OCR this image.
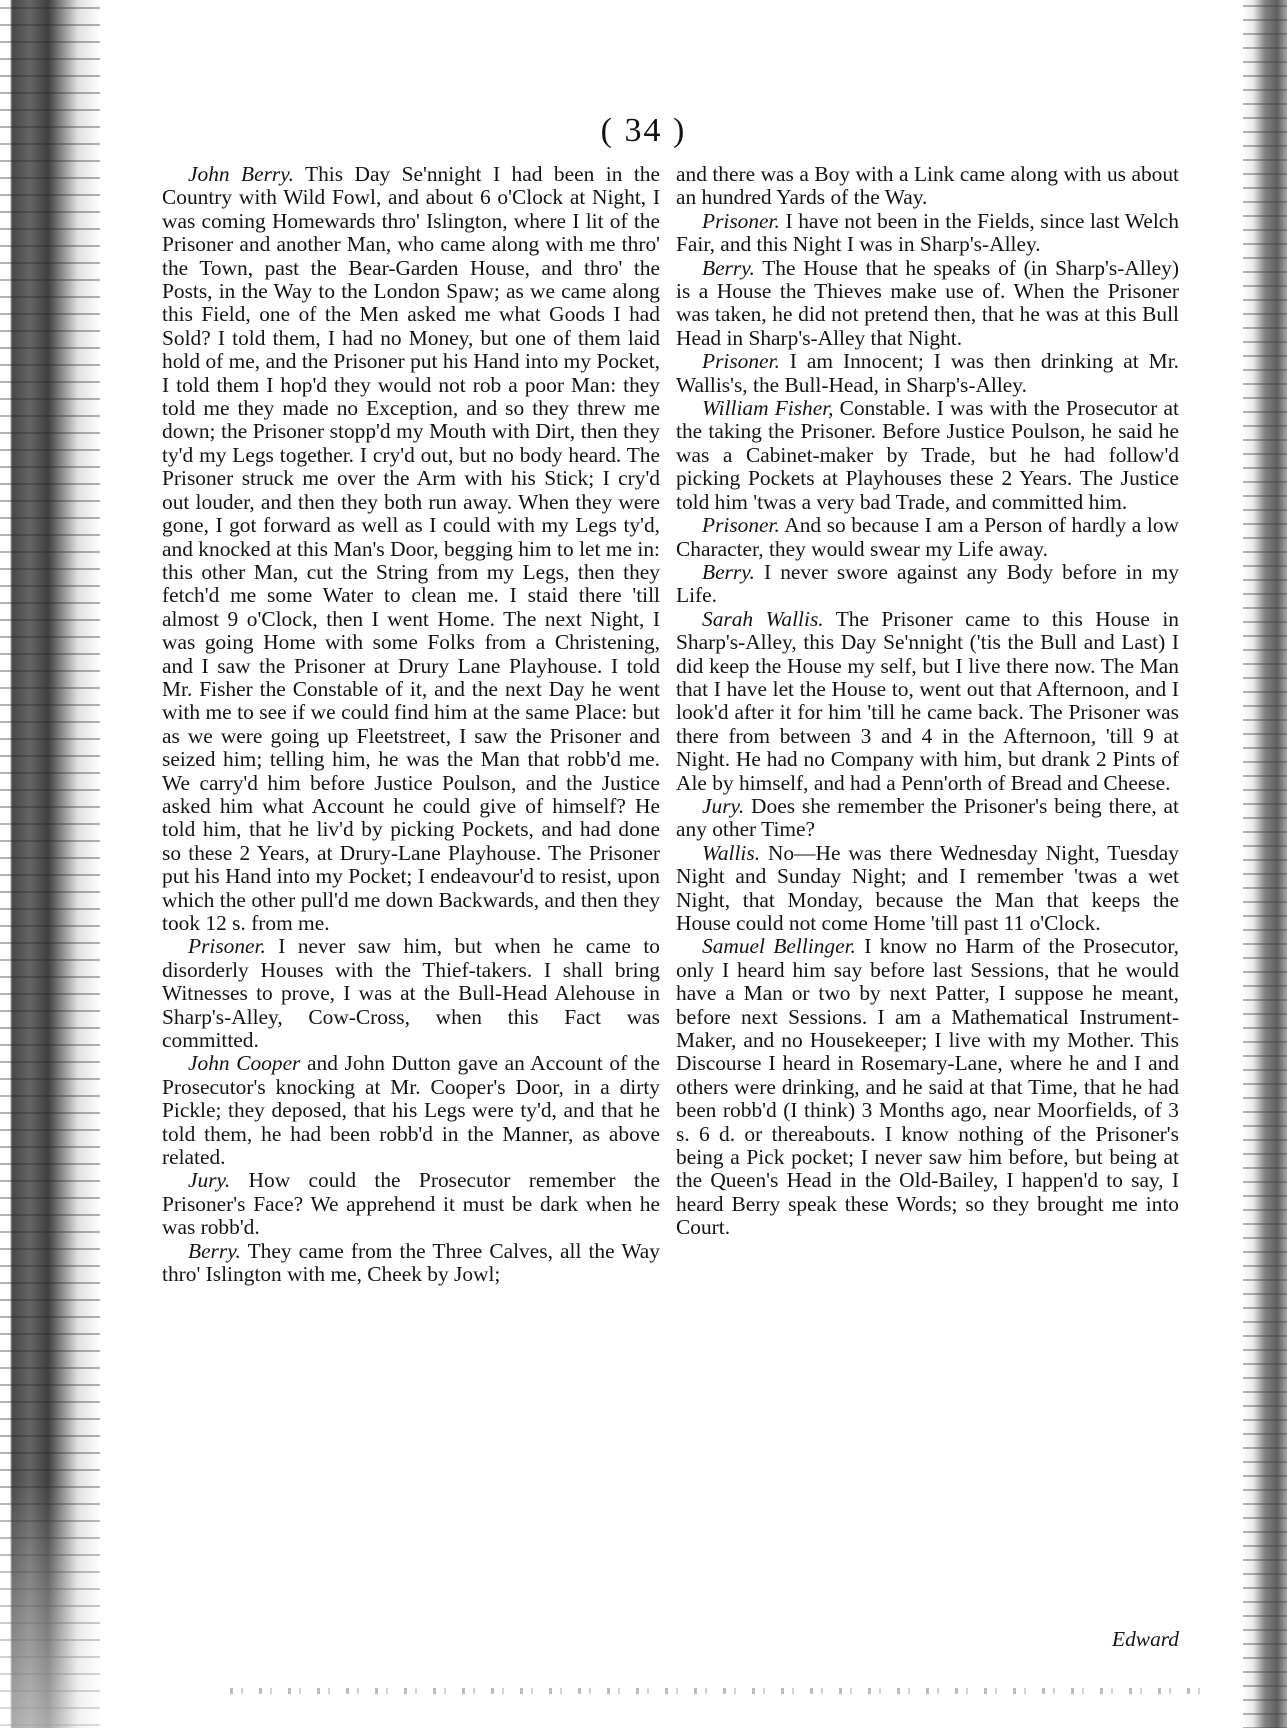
( 34 )

John Berry. This Day Se'nnight I had been in the Country with Wild Fowl, and about 6 o'Clock at Night, I was coming Homewards thro' Islington, where I lit of the Prisoner and another Man, who came along with me thro' the Town, past the Bear-Garden House, and thro' the Posts, in the Way to the London Spaw; as we came along this Field, one of the Men asked me what Goods I had Sold? I told them, I had no Money, but one of them laid hold of me, and the Prisoner put his Hand into my Pocket, I told them I hop'd they would not rob a poor Man: they told me they made no Exception, and so they threw me down; the Prisoner stopp'd my Mouth with Dirt, then they ty'd my Legs together. I cry'd out, but no body heard. The Prisoner struck me over the Arm with his Stick; I cry'd out louder, and then they both run away. When they were gone, I got forward as well as I could with my Legs ty'd, and knocked at this Man's Door, begging him to let me in: this other Man, cut the String from my Legs, then they fetch'd me some Water to clean me. I staid there 'till almost 9 o'Clock, then I went Home. The next Night, I was going Home with some Folks from a Christening, and I saw the Prisoner at Drury Lane Playhouse. I told Mr. Fisher the Constable of it, and the next Day he went with me to see if we could find him at the same Place: but as we were going up Fleetstreet, I saw the Prisoner and seized him; telling him, he was the Man that robb'd me. We carry'd him before Justice Poulson, and the Justice asked him what Account he could give of himself? He told him, that he liv'd by picking Pockets, and had done so these 2 Years, at Drury-Lane Playhouse. The Prisoner put his Hand into my Pocket; I endeavour'd to resist, upon which the other pull'd me down Backwards, and then they took 12 s. from me.

Prisoner. I never saw him, but when he came to disorderly Houses with the Thief-takers. I shall bring Witnesses to prove, I was at the Bull-Head Alehouse in Sharp's-Alley, Cow-Cross, when this Fact was committed.

John Cooper and John Dutton gave an Account of the Prosecutor's knocking at Mr. Cooper's Door, in a dirty Pickle; they deposed, that his Legs were ty'd, and that he told them, he had been robb'd in the Manner, as above related.

Jury. How could the Prosecutor remember the Prisoner's Face? We apprehend it must be dark when he was robb'd.

Berry. They came from the Three Calves, all the Way thro' Islington with me, Cheek by Jowl;

and there was a Boy with a Link came along with us about an hundred Yards of the Way.

Prisoner. I have not been in the Fields, since last Welch Fair, and this Night I was in Sharp's-Alley.

Berry. The House that he speaks of (in Sharp's-Alley) is a House the Thieves make use of. When the Prisoner was taken, he did not pretend then, that he was at this Bull Head in Sharp's-Alley that Night.

Prisoner. I am Innocent; I was then drinking at Mr. Wallis's, the Bull-Head, in Sharp's-Alley.

William Fisher, Constable. I was with the Prosecutor at the taking the Prisoner. Before Justice Poulson, he said he was a Cabinet-maker by Trade, but he had follow'd picking Pockets at Playhouses these 2 Years. The Justice told him 'twas a very bad Trade, and committed him.

Prisoner. And so because I am a Person of hardly a low Character, they would swear my Life away.

Berry. I never swore against any Body before in my Life.

Sarah Wallis. The Prisoner came to this House in Sharp's-Alley, this Day Se'nnight ('tis the Bull and Last) I did keep the House my self, but I live there now. The Man that I have let the House to, went out that Afternoon, and I look'd after it for him 'till he came back. The Prisoner was there from between 3 and 4 in the Afternoon, 'till 9 at Night. He had no Company with him, but drank 2 Pints of Ale by himself, and had a Penn'orth of Bread and Cheese.

Jury. Does she remember the Prisoner's being there, at any other Time?

Wallis. No—He was there Wednesday Night, Tuesday Night and Sunday Night; and I remember 'twas a wet Night, that Monday, because the Man that keeps the House could not come Home 'till past 11 o'Clock.

Samuel Bellinger. I know no Harm of the Prosecutor, only I heard him say before last Sessions, that he would have a Man or two by next Patter, I suppose he meant, before next Sessions. I am a Mathematical Instrument-Maker, and no Housekeeper; I live with my Mother. This Discourse I heard in Rosemary-Lane, where he and I and others were drinking, and he said at that Time, that he had been robb'd (I think) 3 Months ago, near Moorfields, of 3 s. 6 d. or thereabouts. I know nothing of the Prisoner's being a Pick pocket; I never saw him before, but being at the Queen's Head in the Old-Bailey, I happen'd to say, I heard Berry speak these Words; so they brought me into Court.

Edward
